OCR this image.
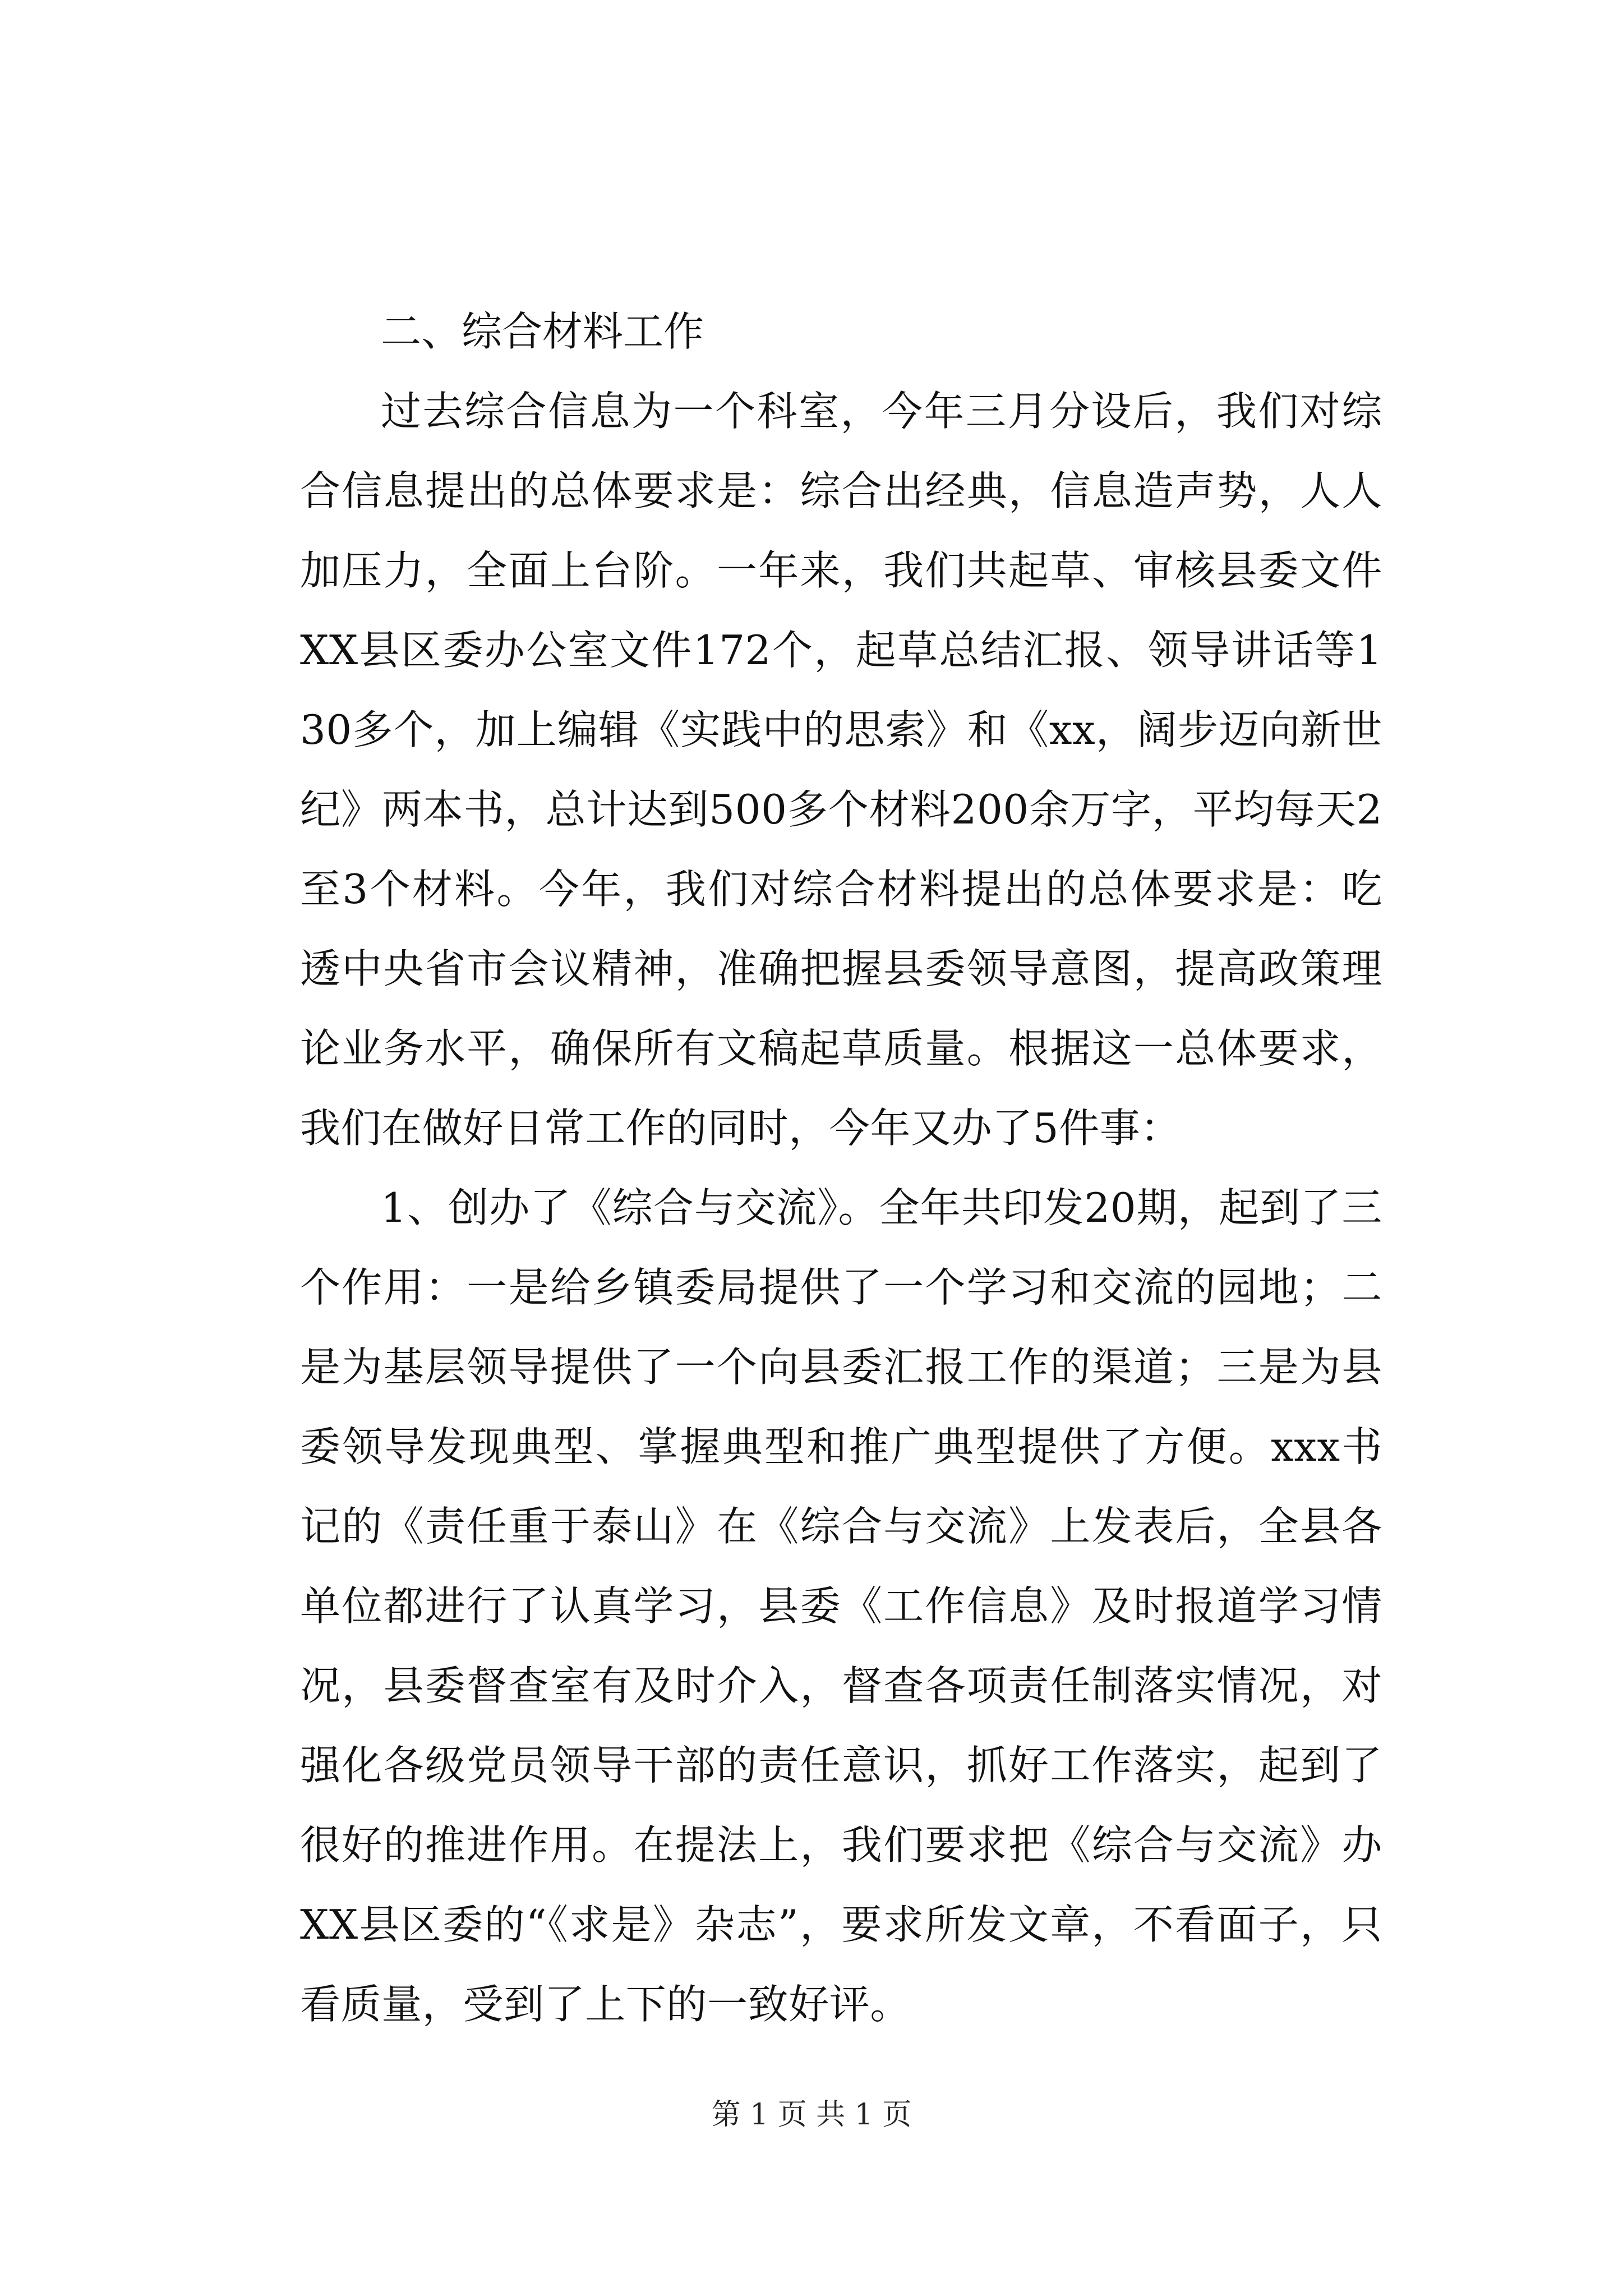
二、综合材料工作

过去综合信息为一个科室，今年三月分设后，我们对综合信息提出的总体要求是：综合出经典，信息造声势，人人加压力，全面上台阶。一年来，我们共起草、审核县委文件XX县区委办公室文件172个，起草总结汇报、领导讲话等130多个，加上编辑《实践中的思索》和《xx，阔步迈向新世纪》两本书，总计达到500多个材料200余万字，平均每天2至3个材料。今年，我们对综合材料提出的总体要求是：吃透中央省市会议精神，准确把握县委领导意图，提高政策理论业务水平，确保所有文稿起草质量。根据这一总体要求，我们在做好日常工作的同时，今年又办了5件事：

1、创办了《综合与交流》。全年共印发20期，起到了三个作用：一是给乡镇委局提供了一个学习和交流的园地；二是为基层领导提供了一个向县委汇报工作的渠道；三是为县委领导发现典型、掌握典型和推广典型提供了方便。xxx书记的《责任重于泰山》在《综合与交流》上发表后，全县各单位都进行了认真学习，县委《工作信息》及时报道学习情况，县委督查室有及时介入，督查各项责任制落实情况，对强化各级党员领导干部的责任意识，抓好工作落实，起到了很好的推进作用。在提法上，我们要求把《综合与交流》办XX县区委的“《求是》杂志”，要求所发文章，不看面子，只看质量，受到了上下的一致好评。

第 1 页 共 1 页
